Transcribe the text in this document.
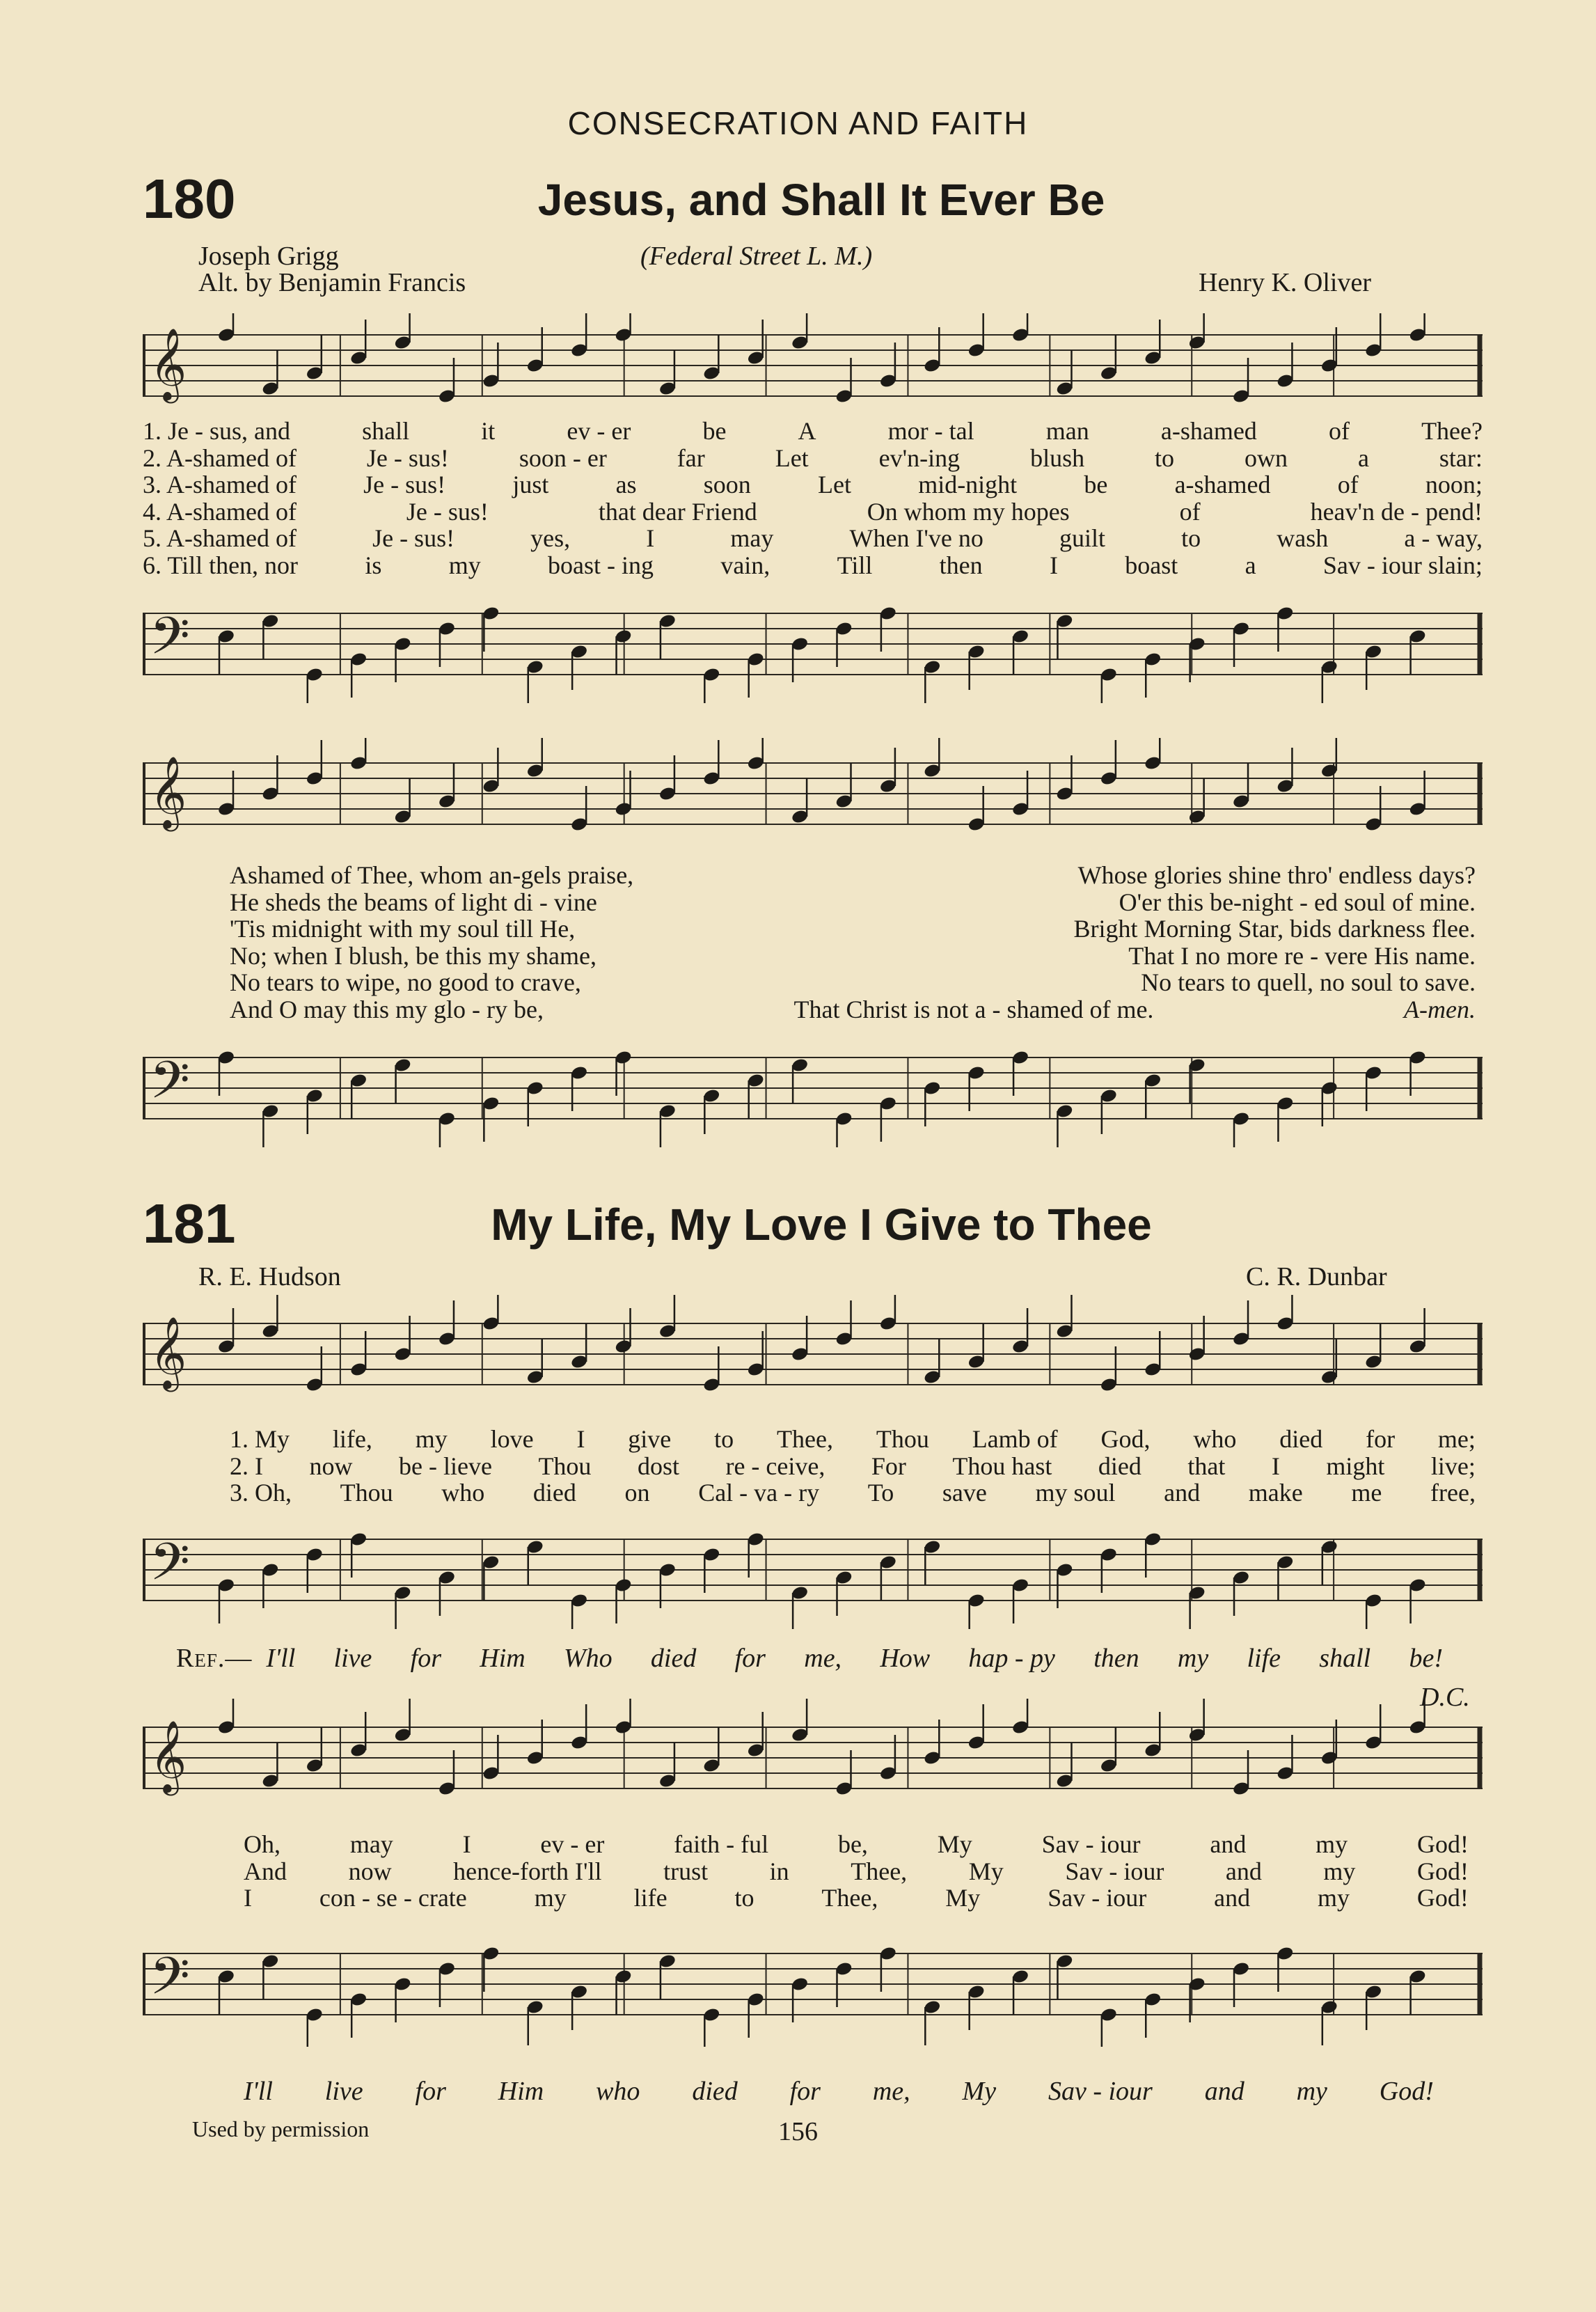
CONSECRATION AND FAITH
180	Jesus, and Shall It Ever Be
Joseph Grigg
Alt. by Benjamin Francis
(Federal Street L. M.)
Henry K. Oliver
𝄞
1. Je - sus, and	shall	it	ev - er	be	A	mor - tal	man	a-shamed	of	Thee?
2. A-shamed of	Je - sus!	soon - er	far	Let	ev'n-ing	blush	to	own	a	star:
3. A-shamed of	Je - sus!	just	as	soon	Let	mid-night	be	a-shamed	of	noon;
4. A-shamed of	Je - sus!	that dear Friend	On whom my hopes	of	heav'n de - pend!
5. A-shamed of	Je - sus!	yes,	I	may	When I've no	guilt	to	wash	a - way,
6. Till then, nor	is	my	boast - ing	vain,	Till	then	I	boast	a	Sav - iour slain;
𝄢
𝄞
Ashamed of Thee, whom an-gels praise,	Whose glories shine thro' endless days?
He sheds the beams of light di - vine	O'er this be-night - ed soul of mine.
'Tis midnight with my soul till He,	Bright Morning Star, bids darkness flee.
No; when I blush, be this my shame,	That I no more re - vere His name.
No tears to wipe, no good to crave,	No tears to quell, no soul to save.
And O may this my glo - ry be,	That Christ is not a - shamed of me.	A-men.
𝄢
181	My Life, My Love I Give to Thee
R. E. Hudson	C. R. Dunbar
𝄞
1. My life, my love I give to Thee, Thou Lamb of God, who died for me;
2. I now be - lieve Thou dost re - ceive, For Thou hast died that I might live;
3. Oh, Thou who died on Cal - va - ry To save my soul and make me free,
𝄢
Ref.— I'll live for Him Who died for me, How hap - py then my life shall be!
D.C.
𝄞
Oh,	may	I	ev - er	faith - ful	be,	My	Sav - iour	and	my	God!
And now hence-forth I'll trust in Thee, My Sav - iour and my God!
I	con - se - crate	my	life	to	Thee,	My	Sav - iour	and	my	God!
𝄢
I'll live for Him who died for me, My Sav - iour and my God!
Used by permission	156
